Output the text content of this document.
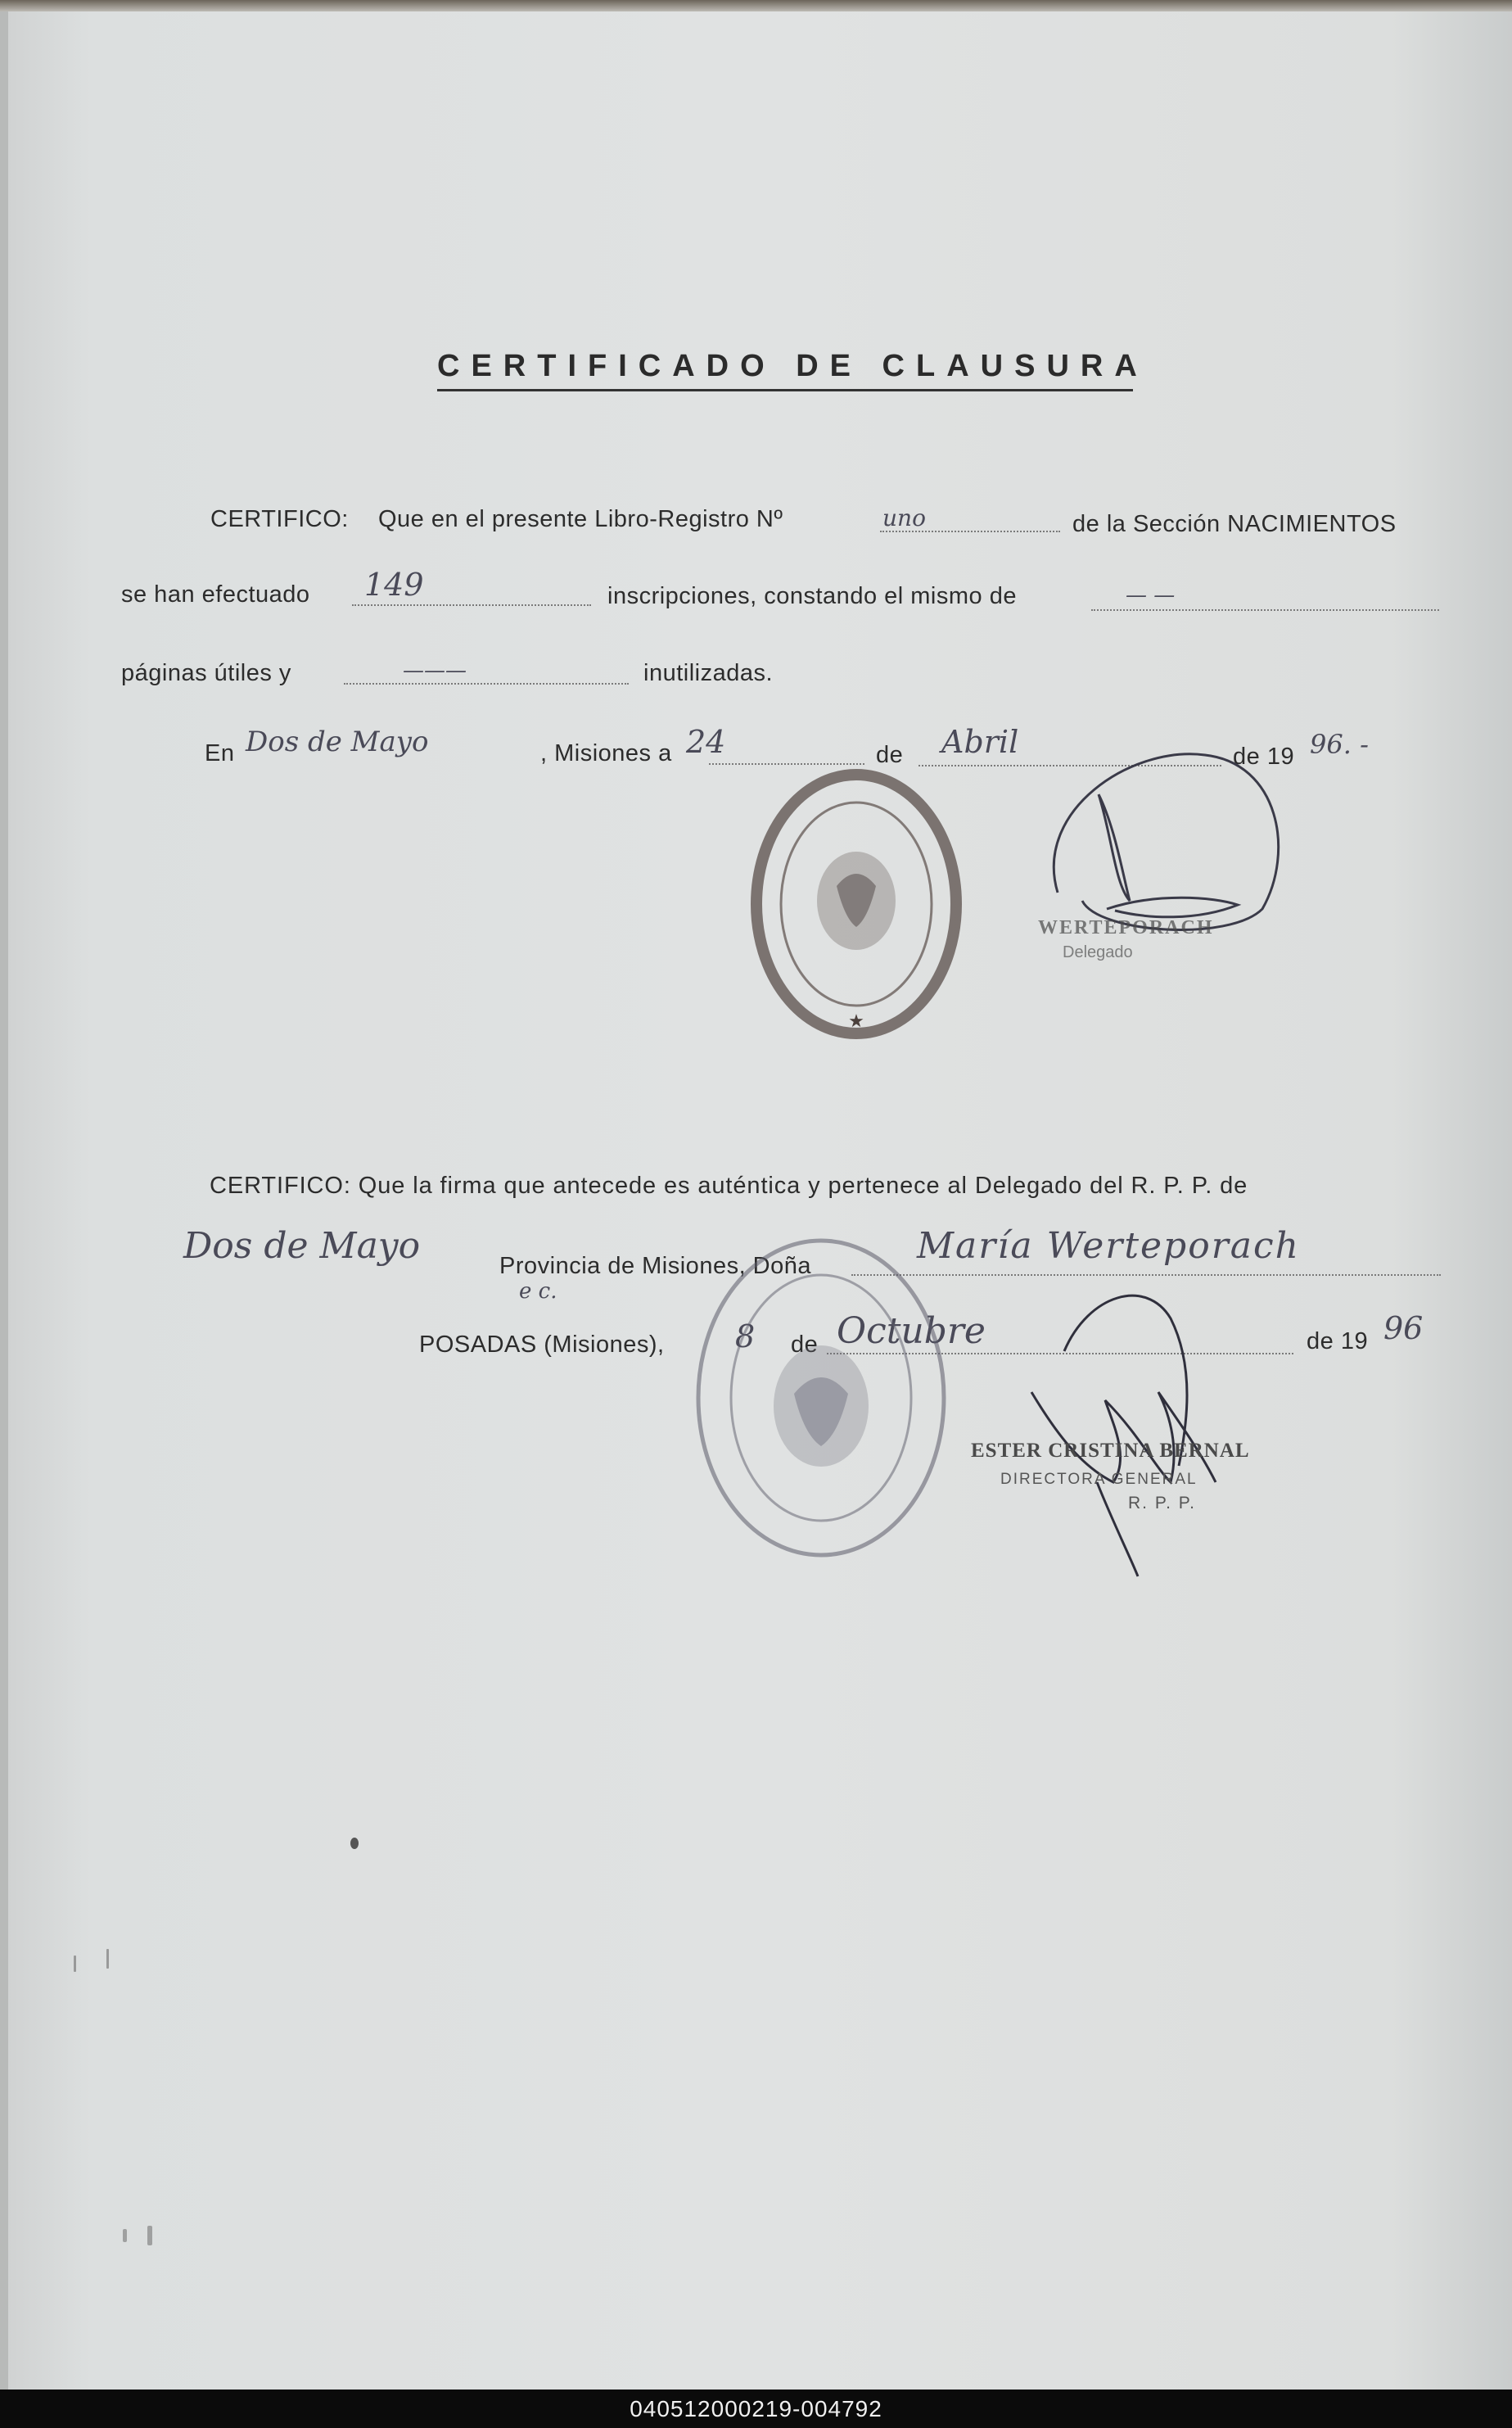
CERTIFICADO DE CLAUSURA
CERTIFICO: Que en el presente Libro-Registro Nº	uno	de la Sección NACIMIENTOS
se han efectuado 149	inscripciones, constando el mismo de	— —
páginas útiles y	———	inutilizadas.
En Dos de Mayo	, Misiones a 24	de Abril	de 19 96. -
★
WERTEPORACH
Delegado
CERTIFICO: Que la firma que antecede es auténtica y pertenece al Delegado del R. P. P. de
Dos de Mayo	Provincia de Misiones, Doña	María Werteporach
e c.
POSADAS (Misiones), 8 de Octubre	de 19 96
ESTER CRISTINA BERNAL
DIRECTORA GENERAL
R. P. P.
040512000219-004792
